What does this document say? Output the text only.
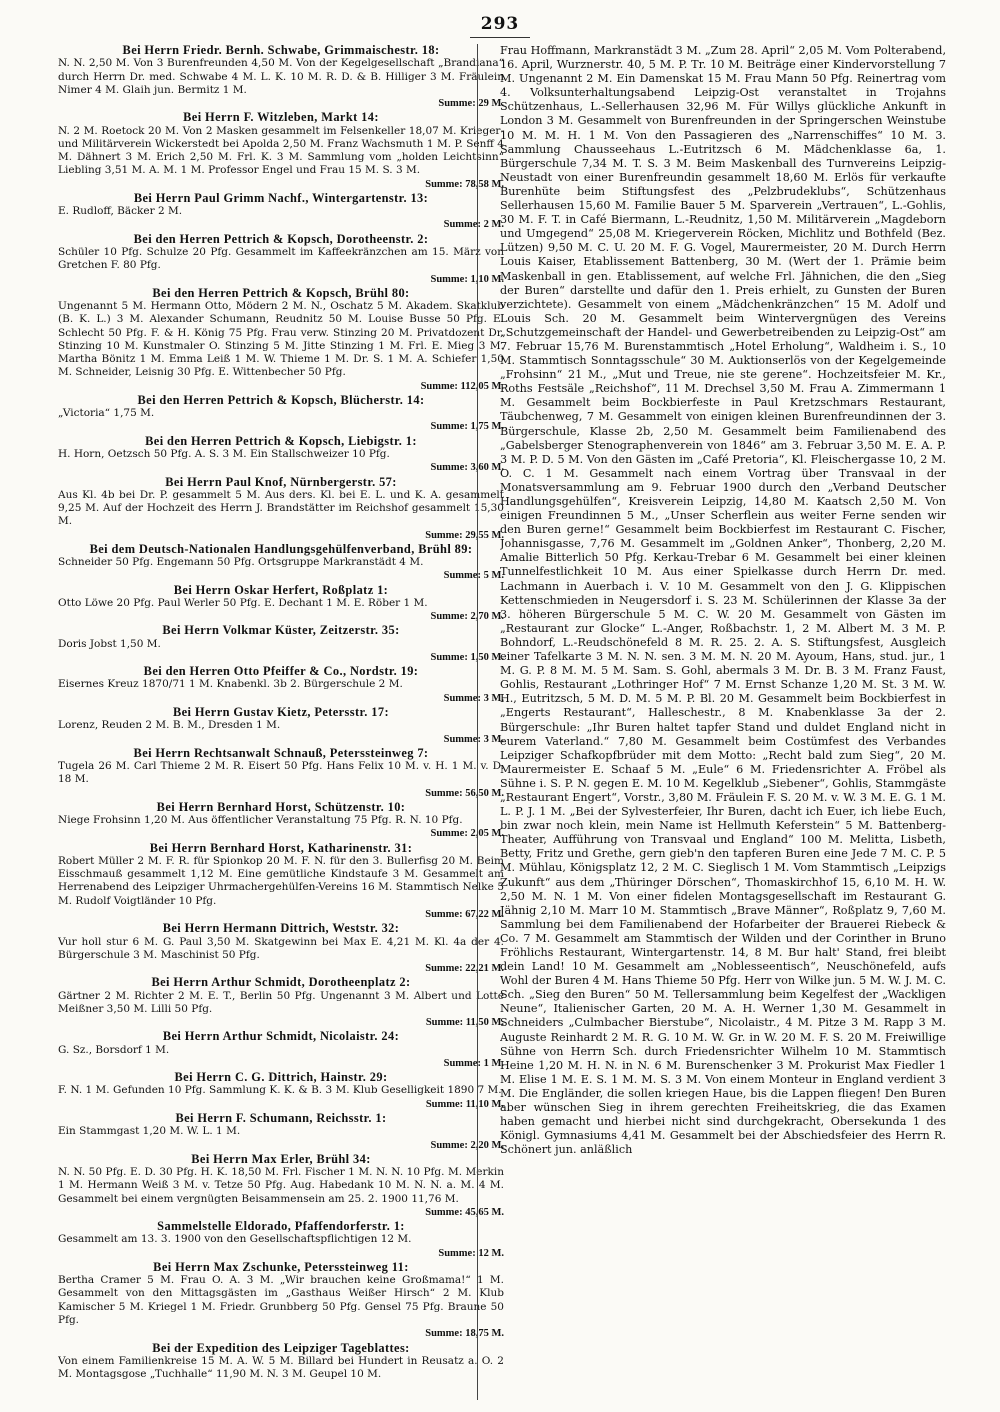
293
Bei Herrn Friedr. Bernh. Schwabe, Grimmaischestr. 18:
N. N. 2,50 M. Von 3 Burenfreunden 4,50 M. Von der Kegelgesellschaft „Brandiana“ durch Herrn Dr. med. Schwabe 4 M. L. K. 10 M. R. D. & B. Hilliger 3 M. Fräulein Nimer 4 M. Glaih jun. Bermitz 1 M.
Summe: 29 M.
Bei Herrn F. Witzleben, Markt 14:
N. 2 M. Roetock 20 M. Von 2 Masken gesammelt im Felsenkeller 18,07 M. Krieger- und Militärverein Wickerstedt bei Apolda 2,50 M. Franz Wachsmuth 1 M. P. Senff 4 M. Dähnert 3 M. Erich 2,50 M. Frl. K. 3 M. Sammlung vom „holden Leichtsinn“ Liebling 3,51 M. A. M. 1 M. Professor Engel und Frau 15 M. S. 3 M.
Summe: 78,58 M.
Bei Herrn Paul Grimm Nachf., Wintergartenstr. 13:
E. Rudloff, Bäcker 2 M.
Summe: 2 M.
Bei den Herren Pettrich & Kopsch, Dorotheenstr. 2:
Schüler 10 Pfg. Schulze 20 Pfg. Gesammelt im Kaffeekränzchen am 15. März von Gretchen F. 80 Pfg.
Summe: 1,10 M.
Bei den Herren Pettrich & Kopsch, Brühl 80:
Ungenannt 5 M. Hermann Otto, Mödern 2 M. N., Oschatz 5 M. Akadem. Skatklub (B. K. L.) 3 M. Alexander Schumann, Reudnitz 50 M. Louise Busse 50 Pfg. E. Schlecht 50 Pfg. F. & H. König 75 Pfg. Frau verw. Stinzing 20 M. Privatdozent Dr. Stinzing 10 M. Kunstmaler O. Stinzing 5 M. Jitte Stinzing 1 M. Frl. E. Mieg 3 M. Martha Bönitz 1 M. Emma Leiß 1 M. W. Thieme 1 M. Dr. S. 1 M. A. Schiefer 1,50 M. Schneider, Leisnig 30 Pfg. E. Wittenbecher 50 Pfg.
Summe: 112,05 M.
Bei den Herren Pettrich & Kopsch, Blücherstr. 14:
„Victoria“ 1,75 M.
Summe: 1,75 M.
Bei den Herren Pettrich & Kopsch, Liebigstr. 1:
H. Horn, Oetzsch 50 Pfg. A. S. 3 M. Ein Stallschweizer 10 Pfg.
Summe: 3,60 M.
Bei Herrn Paul Knof, Nürnbergerstr. 57:
Aus Kl. 4b bei Dr. P. gesammelt 5 M. Aus ders. Kl. bei E. L. und K. A. gesammelt 9,25 M. Auf der Hochzeit des Herrn J. Brandstätter im Reichshof gesammelt 15,30 M.
Summe: 29,55 M.
Bei dem Deutsch-Nationalen Handlungsgehülfenverband, Brühl 89:
Schneider 50 Pfg. Engemann 50 Pfg. Ortsgruppe Markranstädt 4 M.
Summe: 5 M.
Bei Herrn Oskar Herfert, Roßplatz 1:
Otto Löwe 20 Pfg. Paul Werler 50 Pfg. E. Dechant 1 M. E. Röber 1 M.
Summe: 2,70 M.
Bei Herrn Volkmar Küster, Zeitzerstr. 35:
Doris Jobst 1,50 M.
Summe: 1,50 M.
Bei den Herren Otto Pfeiffer & Co., Nordstr. 19:
Eisernes Kreuz 1870/71 1 M. Knabenkl. 3b 2. Bürgerschule 2 M.
Summe: 3 M.
Bei Herrn Gustav Kietz, Petersstr. 17:
Lorenz, Reuden 2 M. B. M., Dresden 1 M.
Summe: 3 M.
Bei Herrn Rechtsanwalt Schnauß, Peterssteinweg 7:
Tugela 26 M. Carl Thieme 2 M. R. Eisert 50 Pfg. Hans Felix 10 M. v. H. 1 M. v. D. 18 M.
Summe: 56,50 M.
Bei Herrn Bernhard Horst, Schützenstr. 10:
Niege Frohsinn 1,20 M. Aus öffentlicher Veranstaltung 75 Pfg. R. N. 10 Pfg.
Summe: 2,05 M.
Bei Herrn Bernhard Horst, Katharinenstr. 31:
Robert Müller 2 M. F. R. für Spionkop 20 M. F. N. für den 3. Bullerfisg 20 M. Beim Eisschmauß gesammelt 1,12 M. Eine gemütliche Kindstaufe 3 M. Gesammelt am Herrenabend des Leipziger Uhrmachergehülfen-Vereins 16 M. Stammtisch Nelke 5 M. Rudolf Voigtländer 10 Pfg.
Summe: 67,22 M.
Bei Herrn Hermann Dittrich, Weststr. 32:
Vur holl stur 6 M. G. Paul 3,50 M. Skatgewinn bei Max E. 4,21 M. Kl. 4a der 4. Bürgerschule 3 M. Maschinist 50 Pfg.
Summe: 22,21 M.
Bei Herrn Arthur Schmidt, Dorotheenplatz 2:
Gärtner 2 M. Richter 2 M. E. T., Berlin 50 Pfg. Ungenannt 3 M. Albert und Lotte Meißner 3,50 M. Lilli 50 Pfg.
Summe: 11,50 M.
Bei Herrn Arthur Schmidt, Nicolaistr. 24:
G. Sz., Borsdorf 1 M.
Summe: 1 M.
Bei Herrn C. G. Dittrich, Hainstr. 29:
F. N. 1 M. Gefunden 10 Pfg. Sammlung K. K. & B. 3 M. Klub Geselligkeit 1890 7 M.
Summe: 11,10 M.
Bei Herrn F. Schumann, Reichsstr. 1:
Ein Stammgast 1,20 M. W. L. 1 M.
Summe: 2,20 M.
Bei Herrn Max Erler, Brühl 34:
N. N. 50 Pfg. E. D. 30 Pfg. H. K. 18,50 M. Frl. Fischer 1 M. N. N. 10 Pfg. M. Merkin 1 M. Hermann Weiß 3 M. v. Tetze 50 Pfg. Aug. Habedank 10 M. N. N. a. M. 4 M. Gesammelt bei einem vergnügten Beisammensein am 25. 2. 1900 11,76 M.
Summe: 45,65 M.
Sammelstelle Eldorado, Pfaffendorferstr. 1:
Gesammelt am 13. 3. 1900 von den Gesellschaftspflichtigen 12 M.
Summe: 12 M.
Bei Herrn Max Zschunke, Peterssteinweg 11:
Bertha Cramer 5 M. Frau O. A. 3 M. „Wir brauchen keine Großmama!“ 1 M. Gesammelt von den Mittagsgästen im „Gasthaus Weißer Hirsch“ 2 M. Klub Kamischer 5 M. Kriegel 1 M. Friedr. Grunbberg 50 Pfg. Gensel 75 Pfg. Braune 50 Pfg.
Summe: 18,75 M.
Bei der Expedition des Leipziger Tageblattes:
Von einem Familienkreise 15 M. A. W. 5 M. Billard bei Hundert in Reusatz a. O. 2 M. Montagsgose „Tuchhalle“ 11,90 M. N. 3 M. Geupel 10 M.
Frau Hoffmann, Markranstädt 3 M. „Zum 28. April“ 2,05 M. Vom Polterabend, 16. April, Wurznerstr. 40, 5 M. P. Tr. 10 M. Beiträge einer Kindervorstellung 7 M. Ungenannt 2 M. Ein Damenskat 15 M. Frau Mann 50 Pfg. Reinertrag vom 4. Volksunterhaltungsabend Leipzig-Ost veranstaltet in Trojahns Schützenhaus, L.-Sellerhausen 32,96 M. Für Willys glückliche Ankunft in London 3 M. Gesammelt von Burenfreunden in der Springerschen Weinstube 10 M. M. H. 1 M. Von den Passagieren des „Narrenschiffes“ 10 M. 3. Sammlung Chausseehaus L.-Eutritzsch 6 M. Mädchenklasse 6a, 1. Bürgerschule 7,34 M. T. S. 3 M. Beim Maskenball des Turnvereins Leipzig-Neustadt von einer Burenfreundin gesammelt 18,60 M. Erlös für verkaufte Burenhüte beim Stiftungsfest des „Pelzbrudeklubs“, Schützenhaus Sellerhausen 15,60 M. Familie Bauer 5 M. Sparverein „Vertrauen“, L.-Gohlis, 30 M. F. T. in Café Biermann, L.-Reudnitz, 1,50 M. Militärverein „Magdeborn und Umgegend“ 25,08 M. Kriegerverein Röcken, Michlitz und Bothfeld (Bez. Lützen) 9,50 M. C. U. 20 M. F. G. Vogel, Maurermeister, 20 M. Durch Herrn Louis Kaiser, Etablissement Battenberg, 30 M. (Wert der 1. Prämie beim Maskenball in gen. Etablissement, auf welche Frl. Jähnichen, die den „Sieg der Buren“ darstellte und dafür den 1. Preis erhielt, zu Gunsten der Buren verzichtete). Gesammelt von einem „Mädchenkränzchen“ 15 M. Adolf und Louis Sch. 20 M. Gesammelt beim Wintervergnügen des Vereins „Schutzgemeinschaft der Handel- und Gewerbetreibenden zu Leipzig-Ost“ am 7. Februar 15,76 M. Burenstammtisch „Hotel Erholung“, Waldheim i. S., 10 M. Stammtisch Sonntagsschule“ 30 M. Auktionserlös von der Kegelgemeinde „Frohsinn“ 21 M., „Mut und Treue, nie ste gerene“. Hochzeitsfeier M. Kr., Roths Festsäle „Reichshof“, 11 M. Drechsel 3,50 M. Frau A. Zimmermann 1 M. Gesammelt beim Bockbierfeste in Paul Kretzschmars Restaurant, Täubchenweg, 7 M. Gesammelt von einigen kleinen Burenfreundinnen der 3. Bürgerschule, Klasse 2b, 2,50 M. Gesammelt beim Familienabend des „Gabelsberger Stenographenverein von 1846“ am 3. Februar 3,50 M. E. A. P. 3 M. P. D. 5 M. Von den Gästen im „Café Pretoria“, Kl. Fleischergasse 10, 2 M. O. C. 1 M. Gesammelt nach einem Vortrag über Transvaal in der Monatsversammlung am 9. Februar 1900 durch den „Verband Deutscher Handlungsgehülfen“, Kreisverein Leipzig, 14,80 M. Kaatsch 2,50 M. Von einigen Freundinnen 5 M., „Unser Scherflein aus weiter Ferne senden wir den Buren gerne!“ Gesammelt beim Bockbierfest im Restaurant C. Fischer, Johannisgasse, 7,76 M. Gesammelt im „Goldnen Anker“, Thonberg, 2,20 M. Amalie Bitterlich 50 Pfg. Kerkau-Trebar 6 M. Gesammelt bei einer kleinen Tunnelfestlichkeit 10 M. Aus einer Spielkasse durch Herrn Dr. med. Lachmann in Auerbach i. V. 10 M. Gesammelt von den J. G. Klippischen Kettenschmieden in Neugersdorf i. S. 23 M. Schülerinnen der Klasse 3a der 3. höheren Bürgerschule 5 M. C. W. 20 M. Gesammelt von Gästen im „Restaurant zur Glocke“ L.-Anger, Roßbachstr. 1, 2 M. Albert M. 3 M. P. Bohndorf, L.-Reudschönefeld 8 M. R. 25. 2. A. S. Stiftungsfest, Ausgleich einer Tafelkarte 3 M. N. N. sen. 3 M. M. N. 20 M. Ayoum, Hans, stud. jur., 1 M. G. P. 8 M. M. 5 M. Sam. S. Gohl, abermals 3 M. Dr. B. 3 M. Franz Faust, Gohlis, Restaurant „Lothringer Hof“ 7 M. Ernst Schanze 1,20 M. St. 3 M. W. H., Eutritzsch, 5 M. D. M. 5 M. P. Bl. 20 M. Gesammelt beim Bockbierfest in „Engerts Restaurant“, Halleschestr., 8 M. Knabenklasse 3a der 2. Bürgerschule: „Ihr Buren haltet tapfer Stand und duldet England nicht in eurem Vaterland.“ 7,80 M. Gesammelt beim Costümfest des Verbandes Leipziger Schafkopfbrüder mit dem Motto: „Recht bald zum Sieg“, 20 M. Maurermeister E. Schaaf 5 M. „Eule“ 6 M. Friedensrichter A. Fröbel als Sühne i. S. P. N. gegen E. M. 10 M. Kegelklub „Siebener“, Gohlis, Stammgäste „Restaurant Engert“, Vorstr., 3,80 M. Fräulein F. S. 20 M. v. W. 3 M. E. G. 1 M. L. P. J. 1 M. „Bei der Sylvesterfeier, Ihr Buren, dacht ich Euer, ich liebe Euch, bin zwar noch klein, mein Name ist Hellmuth Keferstein“ 5 M. Battenberg-Theater, Aufführung von Transvaal und England“ 100 M. Melitta, Lisbeth, Betty, Fritz und Grethe, gern gieb'n den tapferen Buren eine Jede 7 M. C. P. 5 M. Mühlau, Königsplatz 12, 2 M. C. Sieglisch 1 M. Vom Stammtisch „Leipzigs Zukunft“ aus dem „Thüringer Dörschen“, Thomaskirchhof 15, 6,10 M. H. W. 2,50 M. N. 1 M. Von einer fidelen Montagsgesellschaft im Restaurant G. Jähnig 2,10 M. Marr 10 M. Stammtisch „Brave Männer“, Roßplatz 9, 7,60 M. Sammlung bei dem Familienabend der Hofarbeiter der Brauerei Riebeck & Co. 7 M. Gesammelt am Stammtisch der Wilden und der Corinther in Bruno Fröhlichs Restaurant, Wintergartenstr. 14, 8 M. Bur halt' Stand, frei bleibt dein Land! 10 M. Gesammelt am „Noblesseentisch“, Neuschönefeld, aufs Wohl der Buren 4 M. Hans Thieme 50 Pfg. Herr von Wilke jun. 5 M. W. J. M. C. Sch. „Sieg den Buren“ 50 M. Tellersammlung beim Kegelfest der „Wackligen Neune“, Italienischer Garten, 20 M. A. H. Werner 1,30 M. Gesammelt in Schneiders „Culmbacher Bierstube“, Nicolaistr., 4 M. Pitze 3 M. Rapp 3 M. Auguste Reinhardt 2 M. R. G. 10 M. W. Gr. in W. 20 M. F. S. 20 M. Freiwillige Sühne von Herrn Sch. durch Friedensrichter Wilhelm 10 M. Stammtisch Heine 1,20 M. H. N. in N. 6 M. Burenschenker 3 M. Prokurist Max Fiedler 1 M. Elise 1 M. E. S. 1 M. M. S. 3 M. Von einem Monteur in England verdient 3 M. Die Engländer, die sollen kriegen Haue, bis die Lappen fliegen! Den Buren aber wünschen Sieg in ihrem gerechten Freiheitskrieg, die das Examen haben gemacht und hierbei nicht sind durchgekracht, Obersekunda 1 des Königl. Gymnasiums 4,41 M. Gesammelt bei der Abschiedsfeier des Herrn R. Schönert jun. anläßlich
